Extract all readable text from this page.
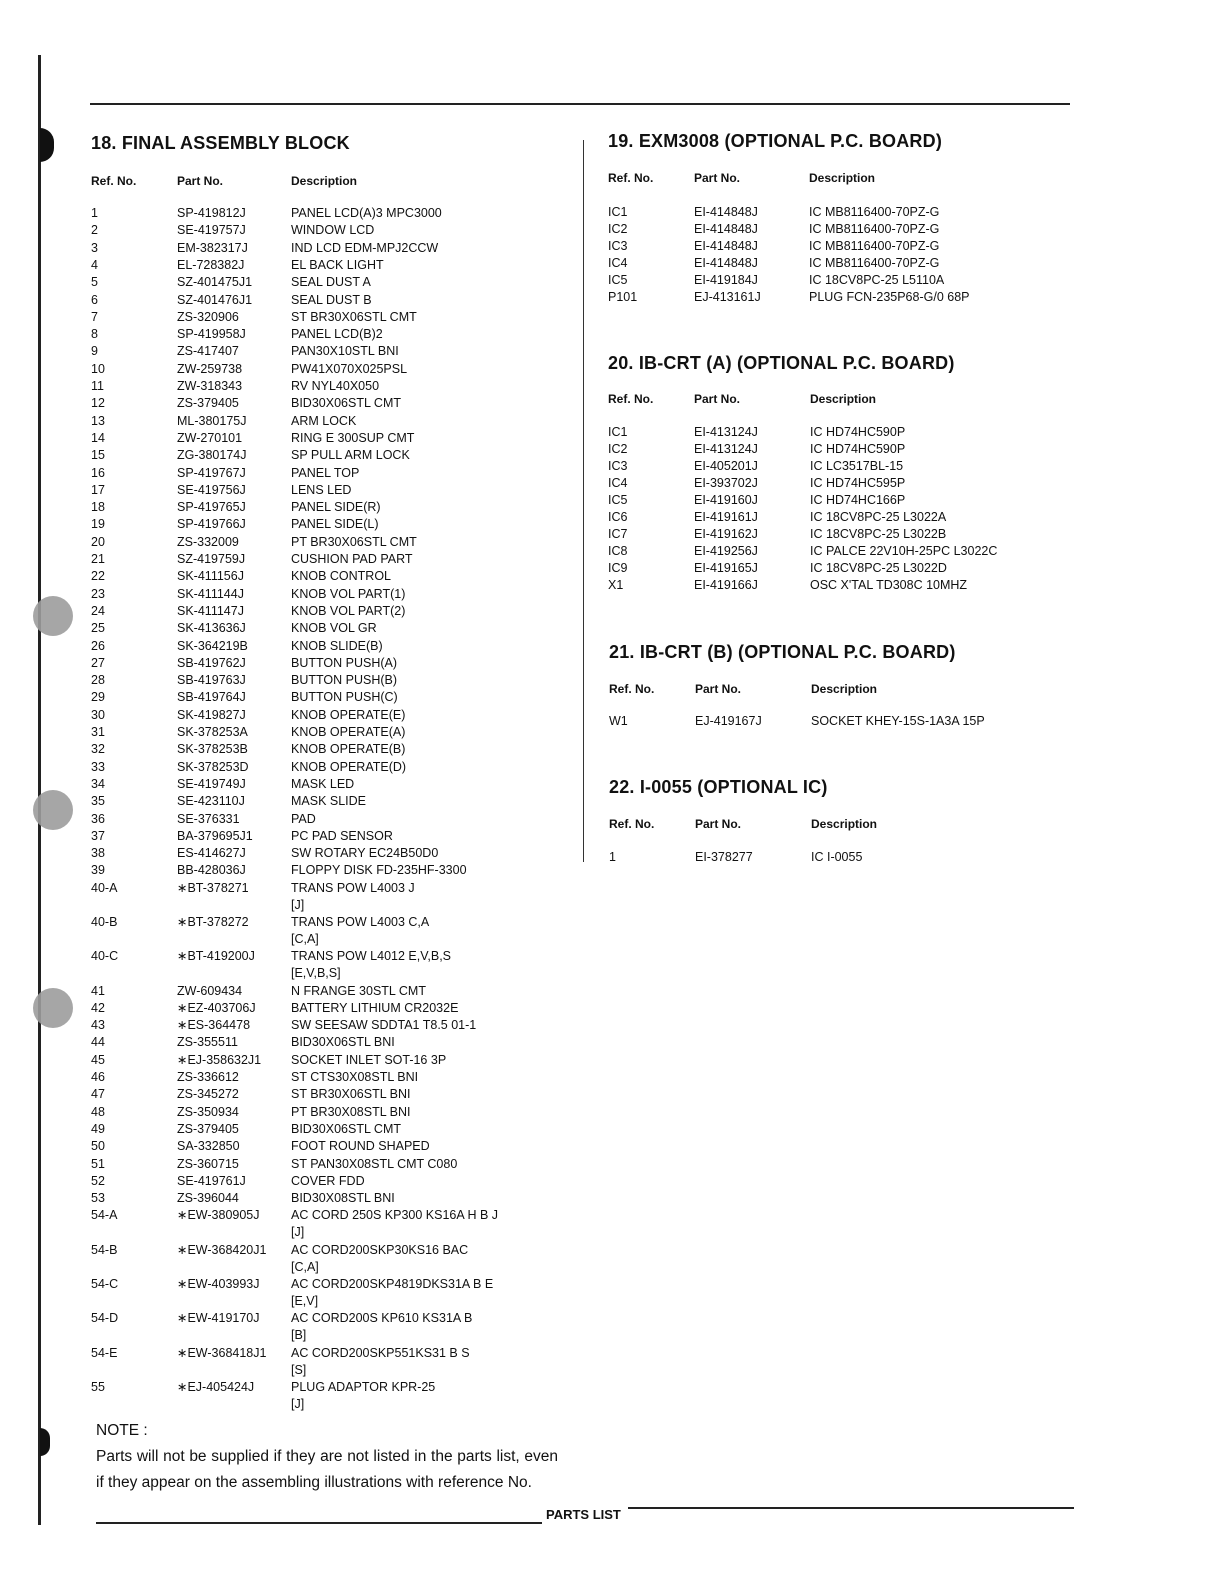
18. FINAL ASSEMBLY BLOCK
Ref. No.	Part No.	Description
1	SP-419812J	PANEL LCD(A)3 MPC3000
2	SE-419757J	WINDOW LCD
3	EM-382317J	IND LCD EDM-MPJ2CCW
4	EL-728382J	EL BACK LIGHT
5	SZ-401475J1	SEAL DUST A
6	SZ-401476J1	SEAL DUST B
7	ZS-320906	ST BR30X06STL CMT
8	SP-419958J	PANEL LCD(B)2
9	ZS-417407	PAN30X10STL BNI
10	ZW-259738	PW41X070X025PSL
11	ZW-318343	RV NYL40X050
12	ZS-379405	BID30X06STL CMT
13	ML-380175J	ARM LOCK
14	ZW-270101	RING E 300SUP CMT
15	ZG-380174J	SP PULL ARM LOCK
16	SP-419767J	PANEL TOP
17	SE-419756J	LENS LED
18	SP-419765J	PANEL SIDE(R)
19	SP-419766J	PANEL SIDE(L)
20	ZS-332009	PT BR30X06STL CMT
21	SZ-419759J	CUSHION PAD PART
22	SK-411156J	KNOB CONTROL
23	SK-411144J	KNOB VOL PART(1)
24	SK-411147J	KNOB VOL PART(2)
25	SK-413636J	KNOB VOL GR
26	SK-364219B	KNOB SLIDE(B)
27	SB-419762J	BUTTON PUSH(A)
28	SB-419763J	BUTTON PUSH(B)
29	SB-419764J	BUTTON PUSH(C)
30	SK-419827J	KNOB OPERATE(E)
31	SK-378253A	KNOB OPERATE(A)
32	SK-378253B	KNOB OPERATE(B)
33	SK-378253D	KNOB OPERATE(D)
34	SE-419749J	MASK LED
35	SE-423110J	MASK SLIDE
36	SE-376331	PAD
37	BA-379695J1	PC PAD SENSOR
38	ES-414627J	SW ROTARY EC24B50D0
39	BB-428036J	FLOPPY DISK FD-235HF-3300
40-A	∗BT-378271	TRANS POW L4003 J
[J]
40-B	∗BT-378272	TRANS POW L4003 C,A
[C,A]
40-C	∗BT-419200J	TRANS POW L4012 E,V,B,S
[E,V,B,S]
41	ZW-609434	N FRANGE 30STL CMT
42	∗EZ-403706J	BATTERY LITHIUM CR2032E
43	∗ES-364478	SW SEESAW SDDTA1 T8.5 01-1
44	ZS-355511	BID30X06STL BNI
45	∗EJ-358632J1 SOCKET INLET SOT-16 3P
46	ZS-336612	ST CTS30X08STL BNI
47	ZS-345272	ST BR30X06STL BNI
48	ZS-350934	PT BR30X08STL BNI
49	ZS-379405	BID30X06STL CMT
50	SA-332850	FOOT ROUND SHAPED
51	ZS-360715	ST PAN30X08STL CMT C080
52	SE-419761J	COVER FDD
53	ZS-396044	BID30X08STL BNI
54-A	∗EW-380905J	AC CORD 250S KP300 KS16A H B J
[J]
54-B	∗EW-368420J1 AC CORD200SKP30KS16 BAC
[C,A]
54-C	∗EW-403993J	AC CORD200SKP4819DKS31A B E
[E,V]
54-D	∗EW-419170J	AC CORD200S KP610 KS31A B
[B]
54-E	∗EW-368418J1 AC CORD200SKP551KS31 B S
[S]
55	∗EJ-405424J	PLUG ADAPTOR KPR-25
[J]
19. EXM3008 (OPTIONAL P.C. BOARD)
Ref. No.	Part No.	Description
IC1	EI-414848J	IC MB8116400-70PZ-G
IC2	EI-414848J	IC MB8116400-70PZ-G
IC3	EI-414848J	IC MB8116400-70PZ-G
IC4	EI-414848J	IC MB8116400-70PZ-G
IC5	EI-419184J	IC 18CV8PC-25 L5110A
P101	EJ-413161J	PLUG FCN-235P68-G/0 68P
20. IB-CRT (A) (OPTIONAL P.C. BOARD)
Ref. No.	Part No.	Description
IC1	EI-413124J	IC HD74HC590P
IC2	EI-413124J	IC HD74HC590P
IC3	EI-405201J	IC LC3517BL-15
IC4	EI-393702J	IC HD74HC595P
IC5	EI-419160J	IC HD74HC166P
IC6	EI-419161J	IC 18CV8PC-25 L3022A
IC7	EI-419162J	IC 18CV8PC-25 L3022B
IC8	EI-419256J	IC PALCE 22V10H-25PC L3022C
IC9	EI-419165J	IC 18CV8PC-25 L3022D
X1	EI-419166J	OSC X'TAL TD308C 10MHZ
21. IB-CRT (B) (OPTIONAL P.C. BOARD)
Ref. No.	Part No.	Description
W1	EJ-419167J	SOCKET KHEY-15S-1A3A 15P
22. I-0055 (OPTIONAL IC)
Ref. No.	Part No.	Description
1	EI-378277	IC I-0055
NOTE :
Parts will not be supplied if they are not listed in the parts list, even if they appear on the assembling illustrations with reference No.
PARTS LIST
